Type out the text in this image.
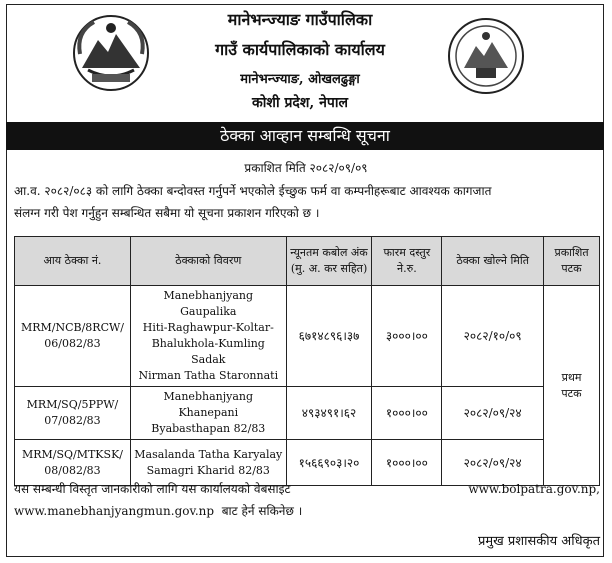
मानेभन्ज्याङ गाउँपालिका
गाउँ कार्यपालिकाको कार्यालय
मानेभन्ज्याङ, ओखलढुङ्गा
कोशी प्रदेश, नेपाल
ठेक्का आव्हान सम्बन्धि सूचना
प्रकाशित मिति २०८२/०९/०९
आ.व. २०८२/०८३ को लागि ठेक्का बन्दोवस्त गर्नुपर्ने भएकोले ईच्छुक फर्म वा कम्पनीहरूबाट आवश्यक कागजात
संलग्न गरी पेश गर्नुहुन सम्बन्धित सबैमा यो सूचना प्रकाशन गरिएको छ ।
आय ठेक्का नं.	ठेक्काको विवरण	न्यूनतम कबोल अंक
(मु. अ. कर सहित)	फारम दस्तुर
ने.रु.	ठेक्का खोल्ने मिति	प्रकाशित
पटक
MRM/NCB/8RCW/
06/082/83	Manebhanjyang Gaupalika
Hiti-Raghawpur-Koltar-
Bhalukhola-Kumling Sadak
Nirman Tatha Staronnati	६७१४८९६।३७	३०००।००	२०८२/१०/०९	प्रथम
पटक
MRM/SQ/5PPW/
07/082/83	Manebhanjyang Khanepani
Byabasthapan 82/83	४९३४९१।६२	१०००।००	२०८२/०९/२४	
MRM/SQ/MTKSK/
08/082/83	Masalanda Tatha Karyalay
Samagri Kharid 82/83	१५६६९०३।२०	१०००।००	२०८२/०९/२४	
यस सम्बन्धी विस्तृत जानकारीको लागि यस कार्यालयको वेबसाइट	www.bolpatra.gov.np,
www.manebhanjyangmun.gov.np बाट हेर्न सकिनेछ ।
प्रमुख प्रशासकीय अधिकृत
